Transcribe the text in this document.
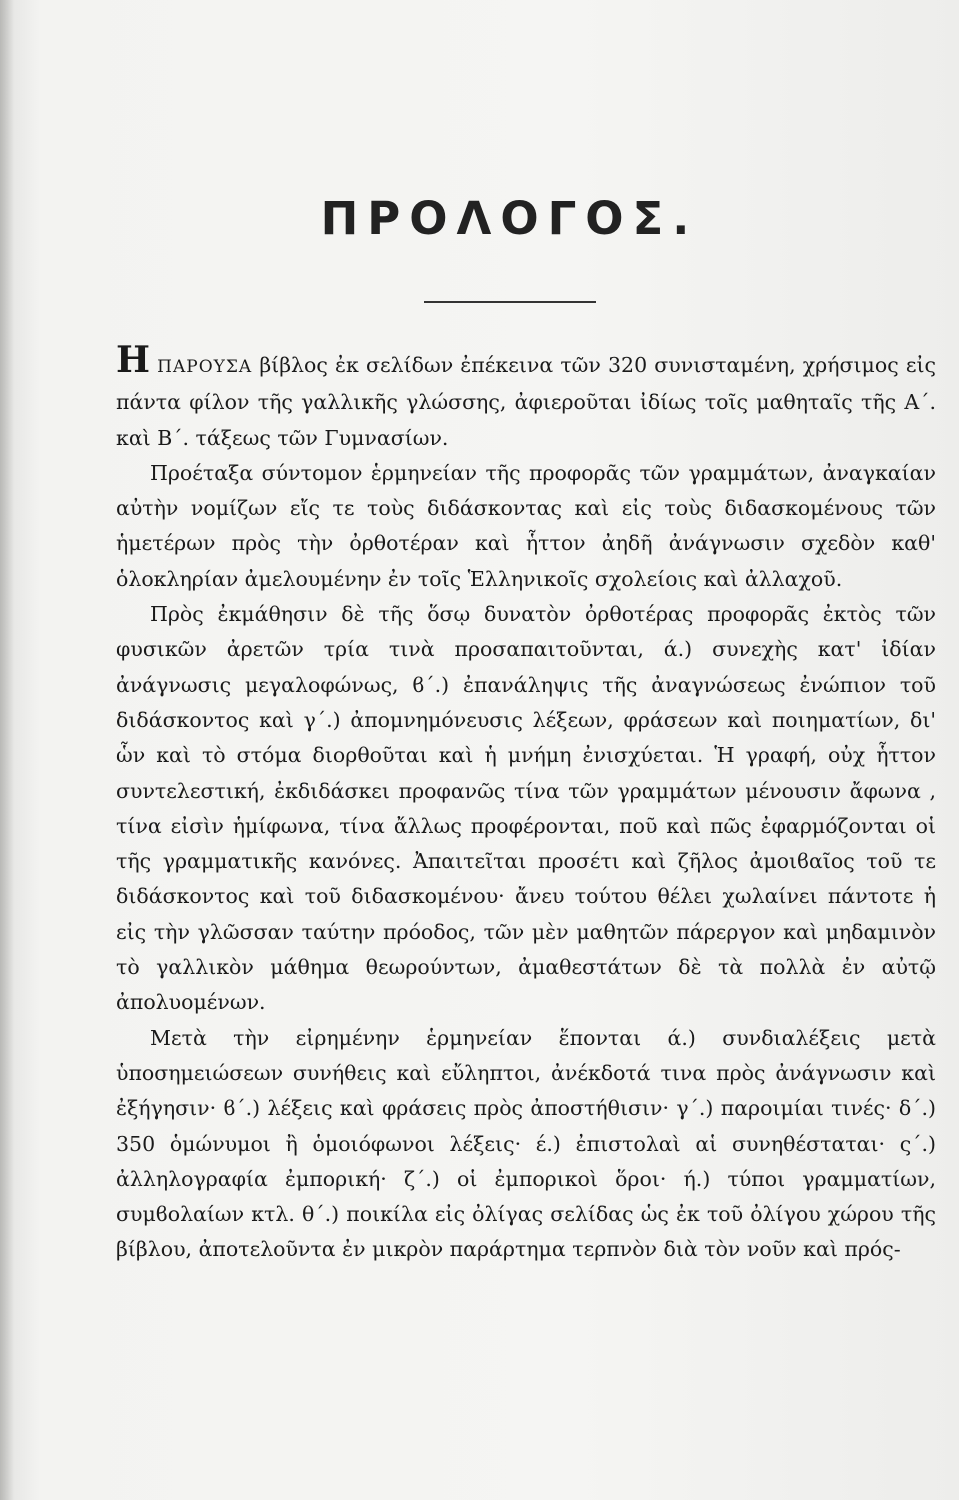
ΠΡΟΛΟΓΟΣ.

Η ΠΑΡΟΥΣΑ βίβλος ἐκ σελίδων ἐπέκεινα τῶν 320 συνισταμένη, χρήσιμος εἰς πάντα φίλον τῆς γαλλικῆς γλώσσης, ἀφιεροῦται ἰδίως τοῖς μαθηταῖς τῆς Α΄. καὶ Β΄. τάξεως τῶν Γυμνασίων.

Προέταξα σύντομον ἑρμηνείαν τῆς προφορᾶς τῶν γραμμάτων, ἀναγκαίαν αὐτὴν νομίζων εἴς τε τοὺς διδάσκοντας καὶ εἰς τοὺς διδασκομένους τῶν ἡμετέρων πρὸς τὴν ὀρθοτέραν καὶ ἧττον ἀηδῆ ἀνάγνωσιν σχεδὸν καθ' ὁλοκληρίαν ἀμελουμένην ἐν τοῖς Ἑλληνικοῖς σχολείοις καὶ ἀλλαχοῦ.

Πρὸς ἐκμάθησιν δὲ τῆς ὅσῳ δυνατὸν ὀρθοτέρας προφορᾶς ἐκτὸς τῶν φυσικῶν ἀρετῶν τρία τινὰ προσαπαιτοῦνται, ά.) συνεχὴς κατ' ἰδίαν ἀνάγνωσις μεγαλοφώνως, ϐ΄.) ἐπανάληψις τῆς ἀναγνώσεως ἐνώπιον τοῦ διδάσκοντος καὶ γ΄.) ἀπομνημόνευσις λέξεων, φράσεων καὶ ποιηματίων, δι' ὧν καὶ τὸ στόμα διορθοῦται καὶ ἡ μνήμη ἐνισχύεται. Ἡ γραφή, οὐχ ἧττον συντελεστική, ἐκδιδάσκει προφανῶς τίνα τῶν γραμμάτων μένουσιν ἄφωνα , τίνα εἰσὶν ἡμίφωνα, τίνα ἄλλως προφέρονται, ποῦ καὶ πῶς ἐφαρμόζονται οἱ τῆς γραμματικῆς κανόνες. Ἀπαιτεῖται προσέτι καὶ ζῆλος ἀμοιϐαῖος τοῦ τε διδάσκοντος καὶ τοῦ διδασκομένου· ἄνευ τούτου θέλει χωλαίνει πάντοτε ἡ εἰς τὴν γλῶσσαν ταύτην πρόοδος, τῶν μὲν μαθητῶν πάρεργον καὶ μηδαμινὸν τὸ γαλλικὸν μάθημα θεωρούντων, ἀμαθεστάτων δὲ τὰ πολλὰ ἐν αὐτῷ ἀπολυομένων.

Μετὰ τὴν εἰρημένην ἑρμηνείαν ἕπονται ά.) συνδιαλέξεις μετὰ ὑποσημειώσεων συνήθεις καὶ εὔληπτοι, ἀνέκδοτά τινα πρὸς ἀνάγνωσιν καὶ ἐξήγησιν· ϐ΄.) λέξεις καὶ φράσεις πρὸς ἀποστήθισιν· γ΄.) παροιμίαι τινές· δ΄.) 350 ὁμώνυμοι ἢ ὁμοιόφωνοι λέξεις· έ.) ἐπιστολαὶ αἱ συνηθέσταται· ς΄.) ἀλληλογραφία ἐμπορική· ζ΄.) οἱ ἐμπορικοὶ ὅροι· ή.) τύποι γραμματίων, συμϐολαίων κτλ. θ΄.) ποικίλα εἰς ὀλίγας σελίδας ὡς ἐκ τοῦ ὀλίγου χώρου τῆς βίβλου, ἀποτελοῦντα ἐν μικρὸν παράρτημα τερπνὸν διὰ τὸν νοῦν καὶ πρός-
